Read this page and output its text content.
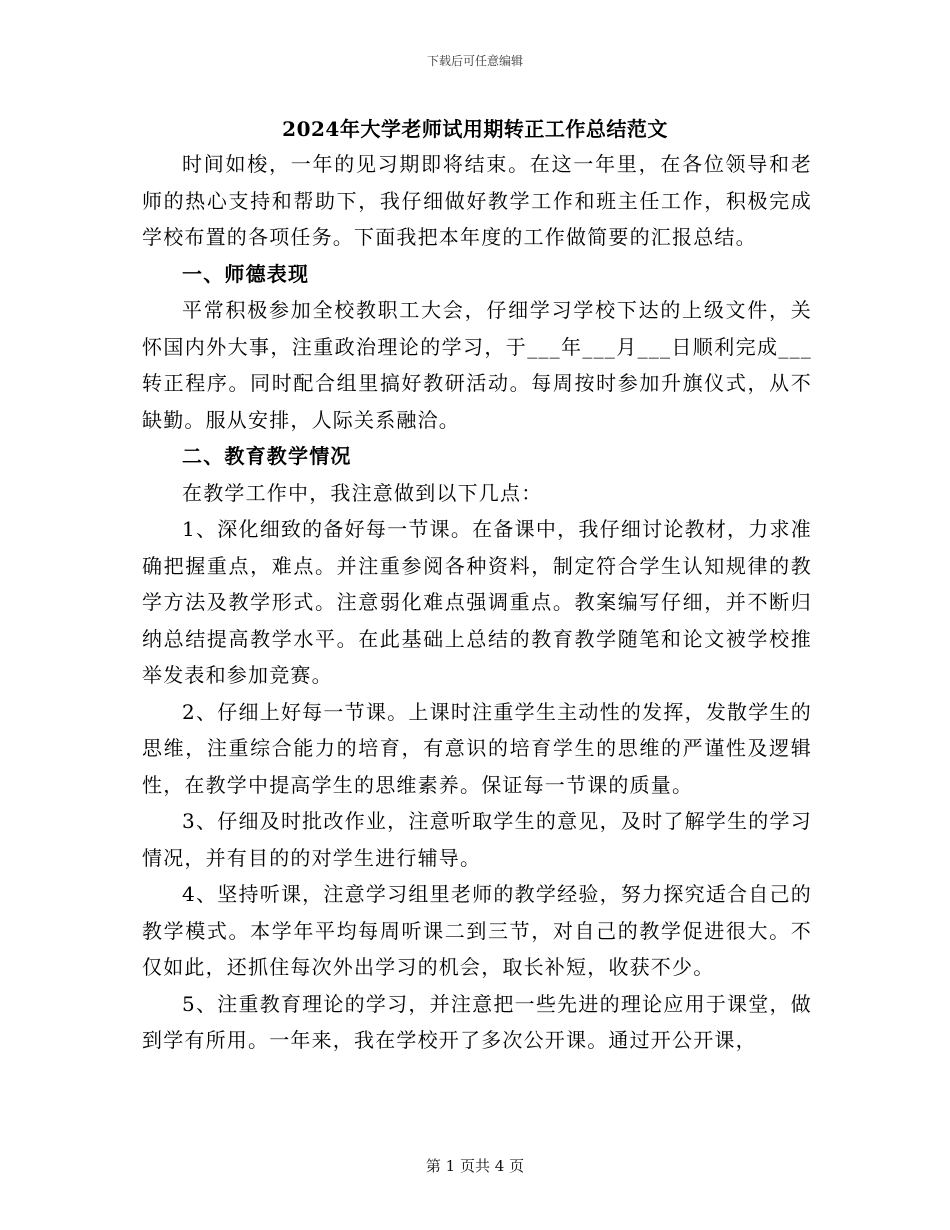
下载后可任意编辑
2024年大学老师试用期转正工作总结范文

时间如梭，一年的见习期即将结束。在这一年里，在各位领导和老师的热心支持和帮助下，我仔细做好教学工作和班主任工作，积极完成学校布置的各项任务。下面我把本年度的工作做简要的汇报总结。

一、师德表现

平常积极参加全校教职工大会，仔细学习学校下达的上级文件，关怀国内外大事，注重政治理论的学习，于___年___月___日顺利完成___转正程序。同时配合组里搞好教研活动。每周按时参加升旗仪式，从不缺勤。服从安排，人际关系融洽。

二、教育教学情况

在教学工作中，我注意做到以下几点：

1、深化细致的备好每一节课。在备课中，我仔细讨论教材，力求准确把握重点，难点。并注重参阅各种资料，制定符合学生认知规律的教学方法及教学形式。注意弱化难点强调重点。教案编写仔细，并不断归纳总结提高教学水平。在此基础上总结的教育教学随笔和论文被学校推举发表和参加竞赛。

2、仔细上好每一节课。上课时注重学生主动性的发挥，发散学生的思维，注重综合能力的培育，有意识的培育学生的思维的严谨性及逻辑性，在教学中提高学生的思维素养。保证每一节课的质量。

3、仔细及时批改作业，注意听取学生的意见，及时了解学生的学习情况，并有目的的对学生进行辅导。

4、坚持听课，注意学习组里老师的教学经验，努力探究适合自己的教学模式。本学年平均每周听课二到三节，对自己的教学促进很大。不仅如此，还抓住每次外出学习的机会，取长补短，收获不少。

5、注重教育理论的学习，并注意把一些先进的理论应用于课堂，做到学有所用。一年来，我在学校开了多次公开课。通过开公开课，

第 1 页共 4 页
